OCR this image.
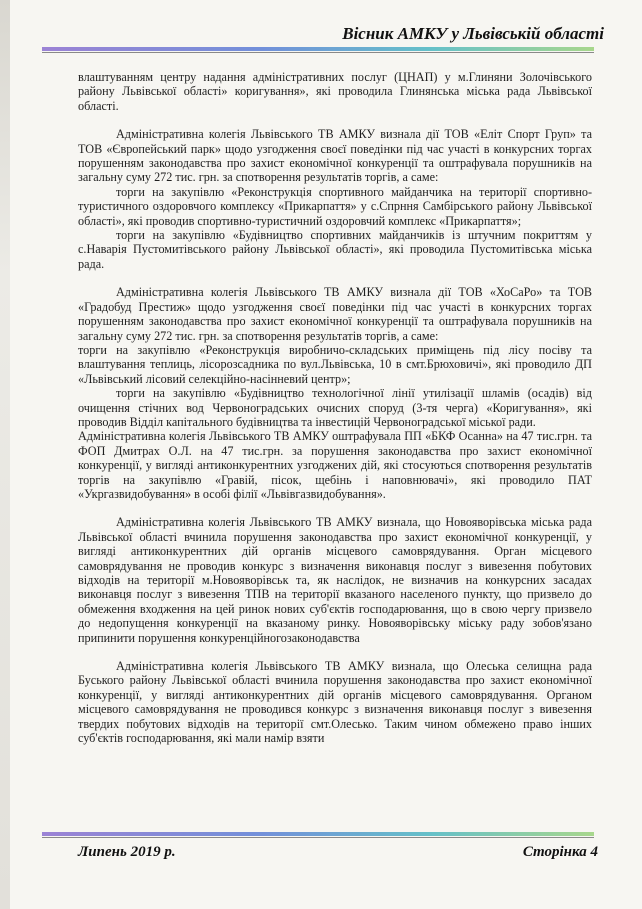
Вісник АМКУ у Львівській області

влаштуванням центру надання адміністративних послуг (ЦНАП) у м.Глиняни Золочівського району Львівської області» коригування», які проводила Глинянська міська рада Львівської області.

Адміністративна колегія Львівського ТВ АМКУ визнала дії ТОВ «Еліт Спорт Груп» та ТОВ «Європейський парк» щодо узгодження своєї поведінки під час участі в конкурсних торгах порушенням законодавства про захист економічної конкуренції та оштрафувала порушників на загальну суму 272 тис. грн. за спотворення результатів торгів, а саме:

торги на закупівлю «Реконструкція спортивного майданчика на території спортивно-туристичного оздоровчого комплексу «Прикарпаття» у с.Спрння Самбірського району Львівської області», які проводив спортивно-туристичний оздоровчий комплекс «Прикарпаття»;

торги на закупівлю «Будівництво спортивних майданчиків із штучним покриттям у с.Наварія Пустомитівського району Львівської області», які проводила Пустомитівська міська рада.

Адміністративна колегія Львівського ТВ АМКУ визнала дії ТОВ «ХоСаРо» та ТОВ «Градобуд Престиж» щодо узгодження своєї поведінки під час участі в конкурсних торгах порушенням законодавства про захист економічної конкуренції та оштрафувала порушників на загальну суму 272 тис. грн. за спотворення результатів торгів, а саме:

торги на закупівлю «Реконструкція виробничо-складських приміщень під лісу посіву та влаштування теплиць, лісорозсадника по вул.Львівська, 10 в смт.Брюховичі», які проводило ДП «Львівський лісовий селекційно-насінневий центр»;

торги на закупівлю «Будівництво технологічної лінії утилізації шламів (осадів) від очищення стічних вод Червоноградських очисних споруд (3-тя черга) «Коригування», які проводив Відділ капітального будівництва та інвестицій Червоноградської міської ради.

Адміністративна колегія Львівського ТВ АМКУ оштрафувала ПП «БКФ Осанна» на 47 тис.грн. та ФОП Дмитрах О.Л. на 47 тис.грн. за порушення законодавства про захист економічної конкуренції, у вигляді антиконкурентних узгоджених дій, які стосуються спотворення результатів торгів на закупівлю «Гравій, пісок, щебінь і наповнювачі», які проводило ПАТ «Укргазвидобування» в особі філії «Львівгазвидобування».

Адміністративна колегія Львівського ТВ АМКУ визнала, що Новояворівська міська рада Львівської області вчинила порушення законодавства про захист економічної конкуренції, у вигляді антиконкурентних дій органів місцевого самоврядування. Орган місцевого самоврядування не проводив конкурс з визначення виконавця послуг з вивезення побутових відходів на території м.Новояворівськ та, як наслідок, не визначив на конкурсних засадах виконавця послуг з вивезення ТПВ на території вказаного населеного пункту, що призвело до обмеження входження на цей ринок нових суб'єктів господарювання, що в свою чергу призвело до недопущення конкуренції на вказаному ринку. Новояворівську міську раду зобов'язано припинити порушення конкуренційногозаконодавства

Адміністративна колегія Львівського ТВ АМКУ визнала, що Олеська селищна рада Буського району Львівської області вчинила порушення законодавства про захист економічної конкуренції, у вигляді антиконкурентних дій органів місцевого самоврядування. Органом місцевого самоврядування не проводився конкурс з визначення виконавця послуг з вивезення твердих побутових відходів на території смт.Олесько. Таким чином обмежено право інших суб'єктів господарювання, які мали намір взяти

Липень 2019 р.	Сторінка 4
